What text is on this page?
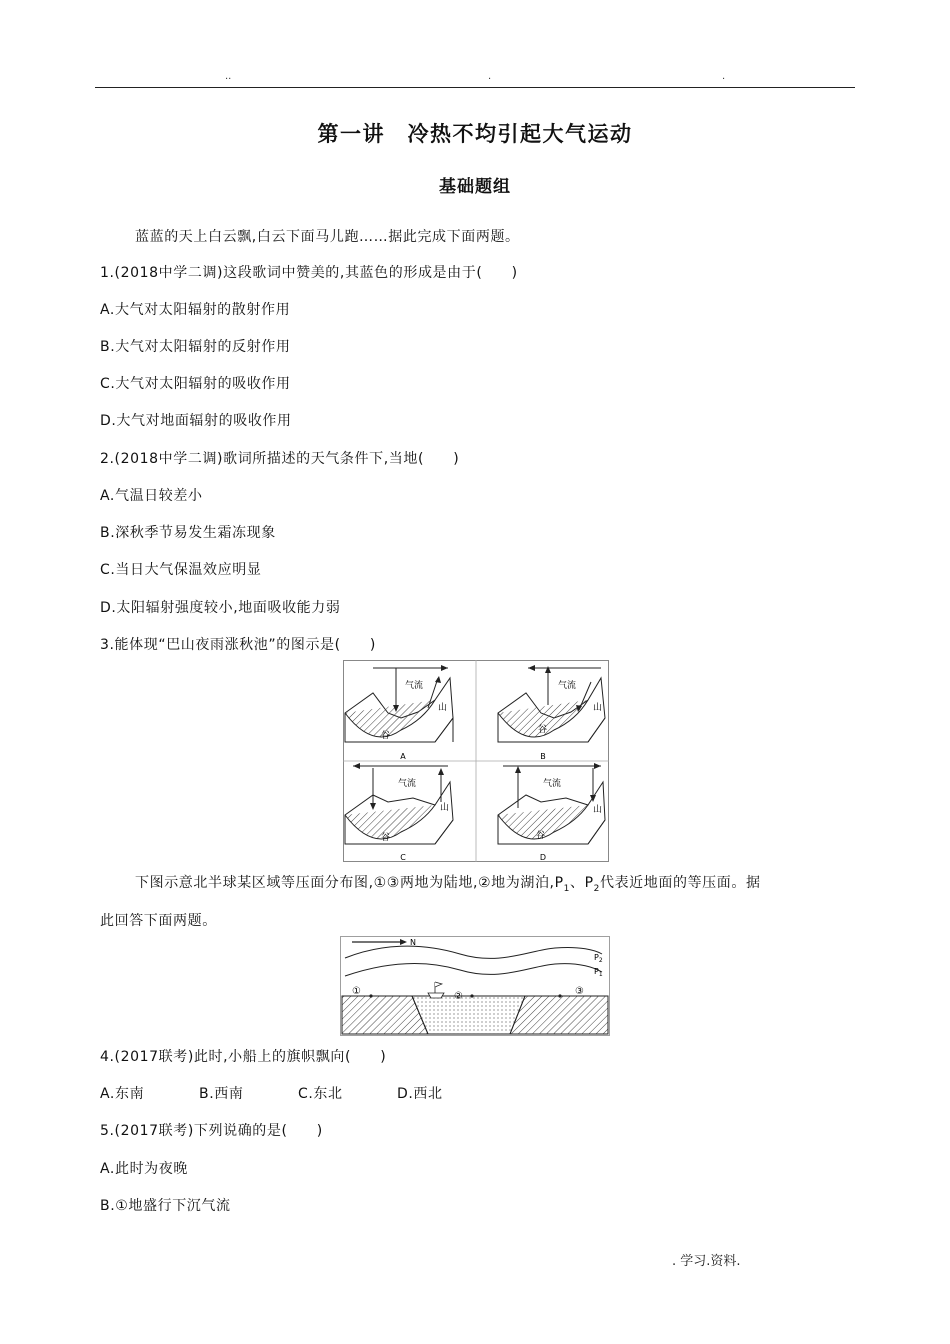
..	.	.
第一讲　冷热不均引起大气运动
基础题组
蓝蓝的天上白云飘,白云下面马儿跑……据此完成下面两题。
1.(2018中学二调)这段歌词中赞美的,其蓝色的形成是由于(　　)
A.大气对太阳辐射的散射作用
B.大气对太阳辐射的反射作用
C.大气对太阳辐射的吸收作用
D.大气对地面辐射的吸收作用
2.(2018中学二调)歌词所描述的天气条件下,当地(　　)
A.气温日较差小
B.深秋季节易发生霜冻现象
C.当日大气保温效应明显
D.太阳辐射强度较小,地面吸收能力弱
3.能体现“巴山夜雨涨秋池”的图示是(　　)
气流
山
谷
A
气流
山
谷
B
气流
山
谷
C
气流
山
谷
D
下图示意北半球某区域等压面分布图,①③两地为陆地,②地为湖泊$,P_1$、$P_2$代表近地面的等压面。据
此回答下面两题。
N
$P_2$
$P_1$
①	②	③
4.(2017联考)此时,小船上的旗帜飘向(　　)
A.东南	B.西南	C.东北	D.西北
5.(2017联考)下列说确的是(　　)
A.此时为夜晚
B.①地盛行下沉气流
. 学习.资料.
